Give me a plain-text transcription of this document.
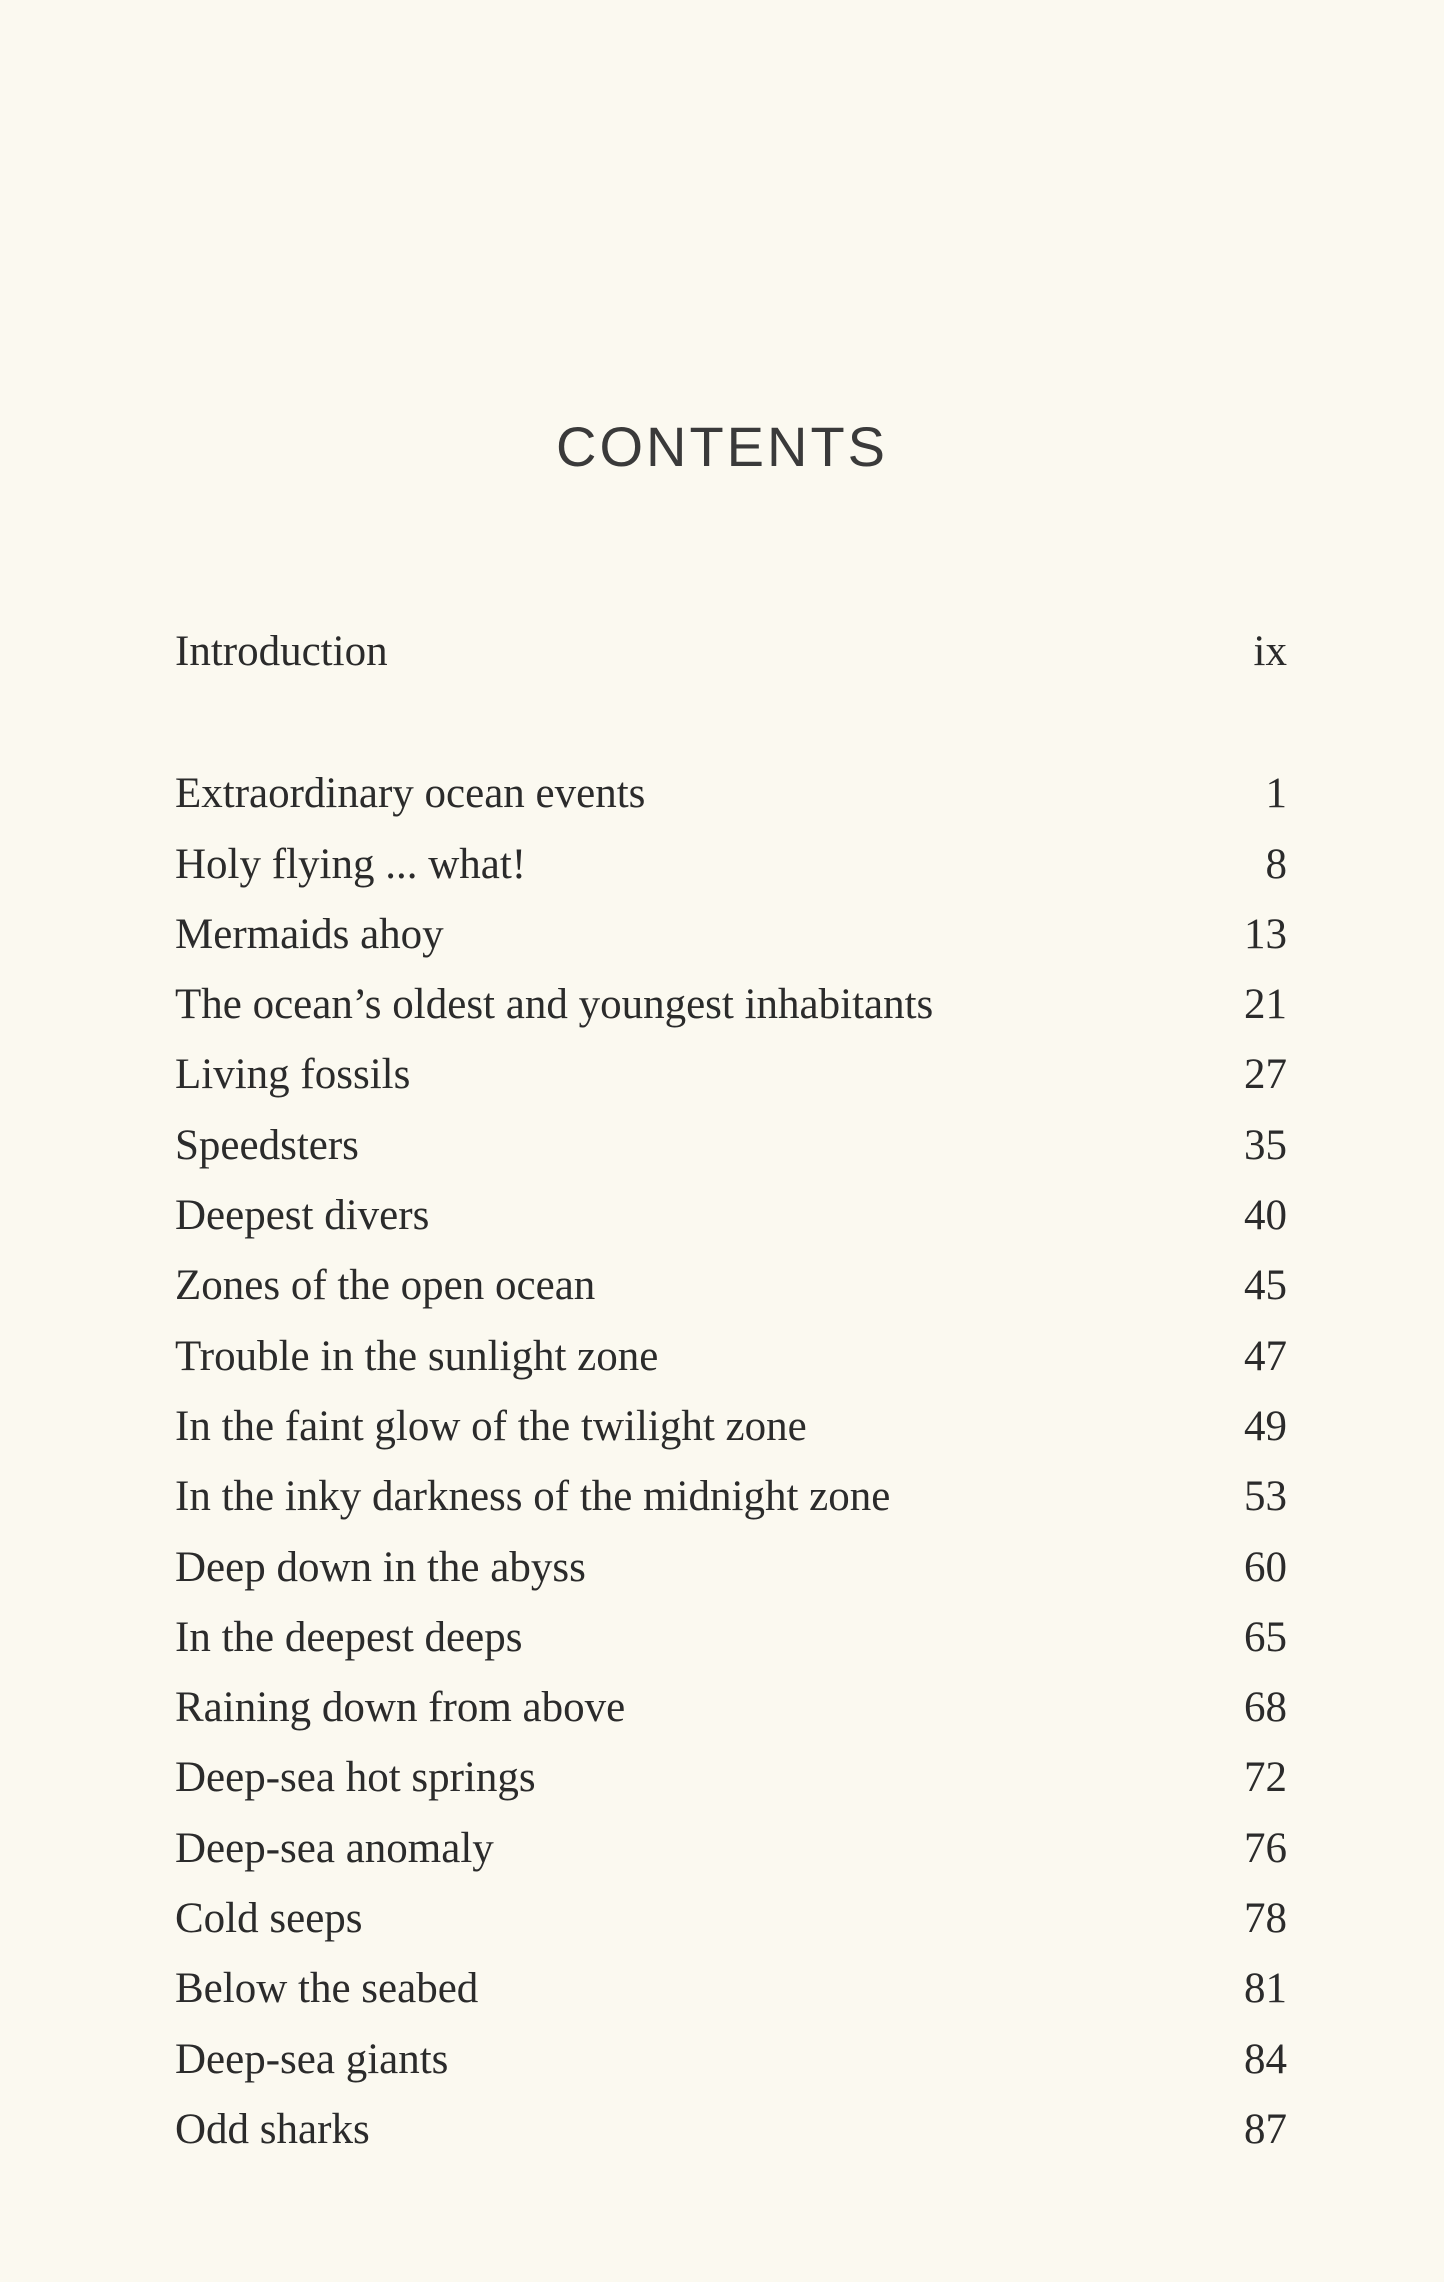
CONTENTS
Introduction	ix
Extraordinary ocean events	1
Holy flying ... what!	8
Mermaids ahoy	13
The ocean’s oldest and youngest inhabitants	21
Living fossils	27
Speedsters	35
Deepest divers	40
Zones of the open ocean	45
Trouble in the sunlight zone	47
In the faint glow of the twilight zone	49
In the inky darkness of the midnight zone	53
Deep down in the abyss	60
In the deepest deeps	65
Raining down from above	68
Deep-sea hot springs	72
Deep-sea anomaly	76
Cold seeps	78
Below the seabed	81
Deep-sea giants	84
Odd sharks	87
